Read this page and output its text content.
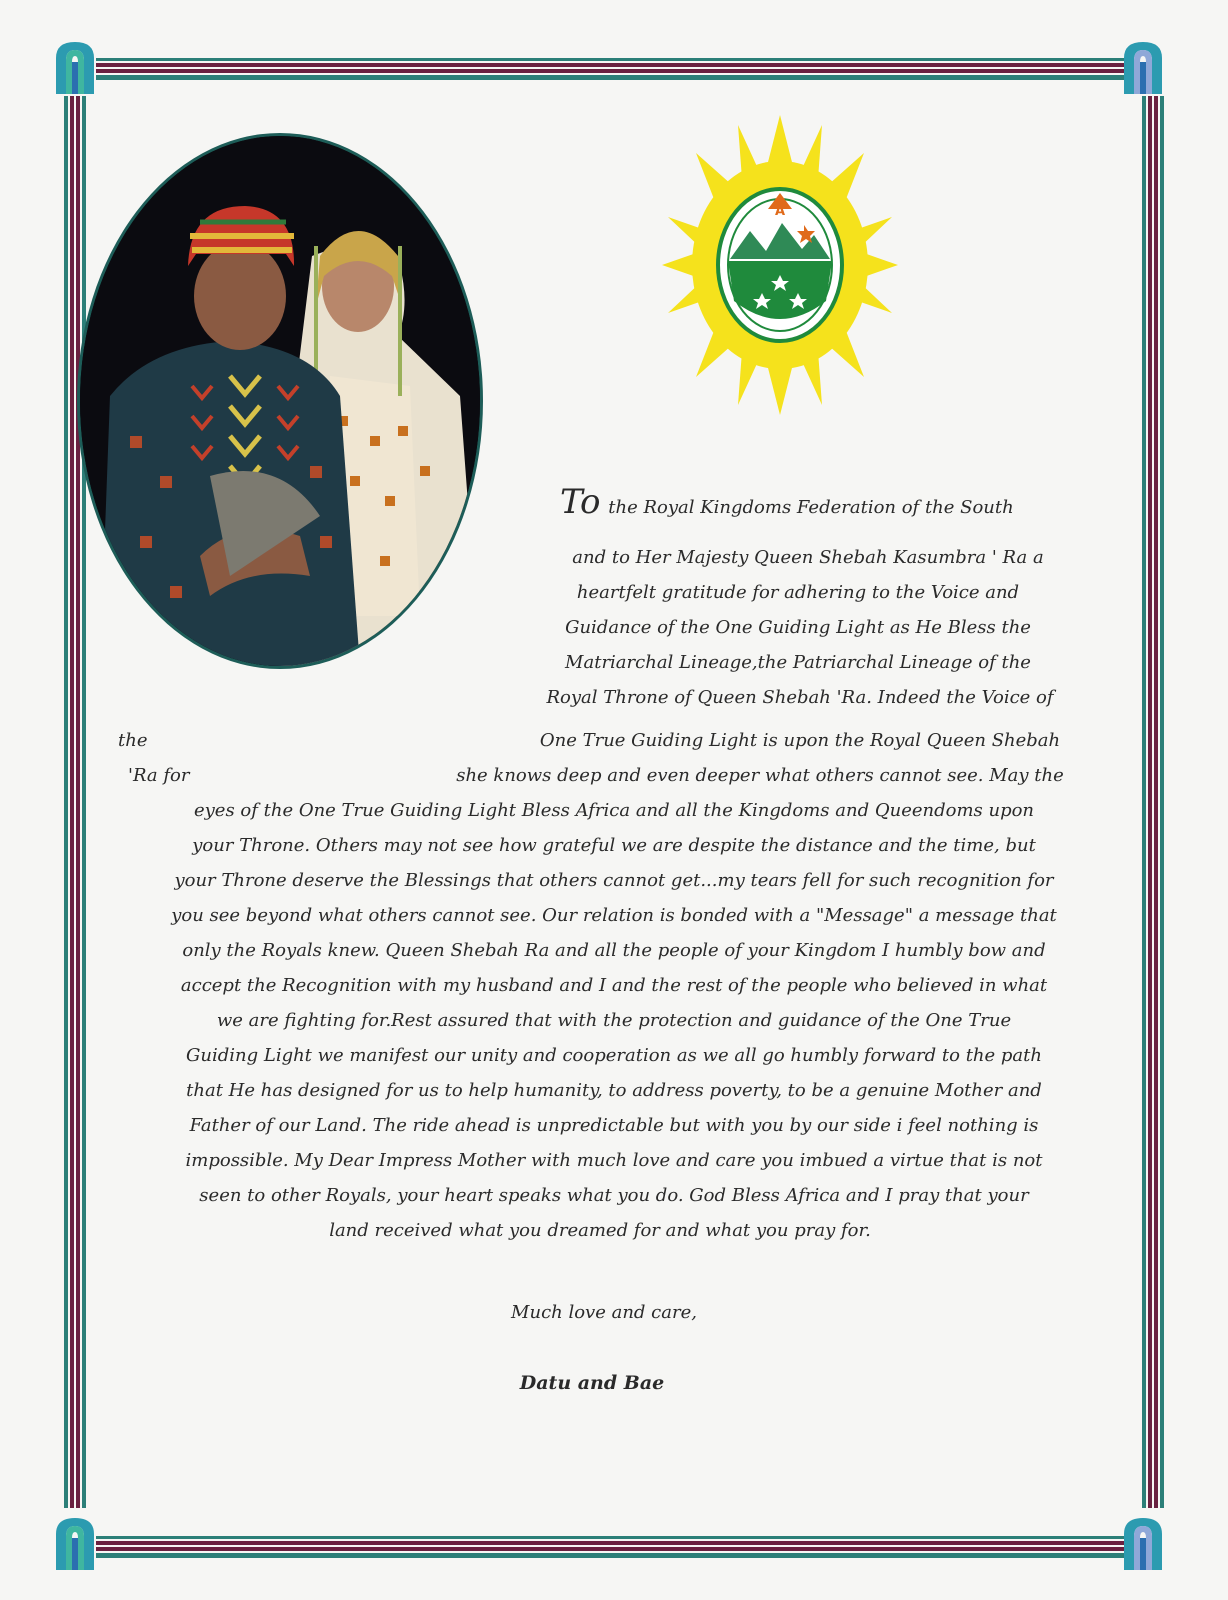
A
To the Royal Kingdoms Federation of the South
and to Her Majesty Queen Shebah Kasumbra ' Ra a
heartfelt gratitude for adhering to the Voice and
Guidance of the One Guiding Light as He Bless the
Matriarchal Lineage,the Patriarchal Lineage of the
Royal Throne of Queen Shebah 'Ra. Indeed the Voice of
the	One True Guiding Light is upon the Royal Queen Shebah
'Ra for	she knows deep and even deeper what others cannot see. May the
eyes of the One True Guiding Light Bless Africa and all the Kingdoms and Queendoms upon
your Throne. Others may not see how grateful we are despite the distance and the time, but
your Throne deserve the Blessings that others cannot get...my tears fell for such recognition for
you see beyond what others cannot see. Our relation is bonded with a "Message" a message that
only the Royals knew. Queen Shebah Ra and all the people of your Kingdom I humbly bow and
accept the Recognition with my husband and I and the rest of the people who believed in what
we are fighting for.Rest assured that with the protection and guidance of the One True
Guiding Light we manifest our unity and cooperation as we all go humbly forward to the path
that He has designed for us to help humanity, to address poverty, to be a genuine Mother and
Father of our Land. The ride ahead is unpredictable but with you by our side i feel nothing is
impossible. My Dear Impress Mother with much love and care you imbued a virtue that is not
seen to other Royals, your heart speaks what you do. God Bless Africa and I pray that your
land received what you dreamed for and what you pray for.
Much love and care,
Datu and Bae
